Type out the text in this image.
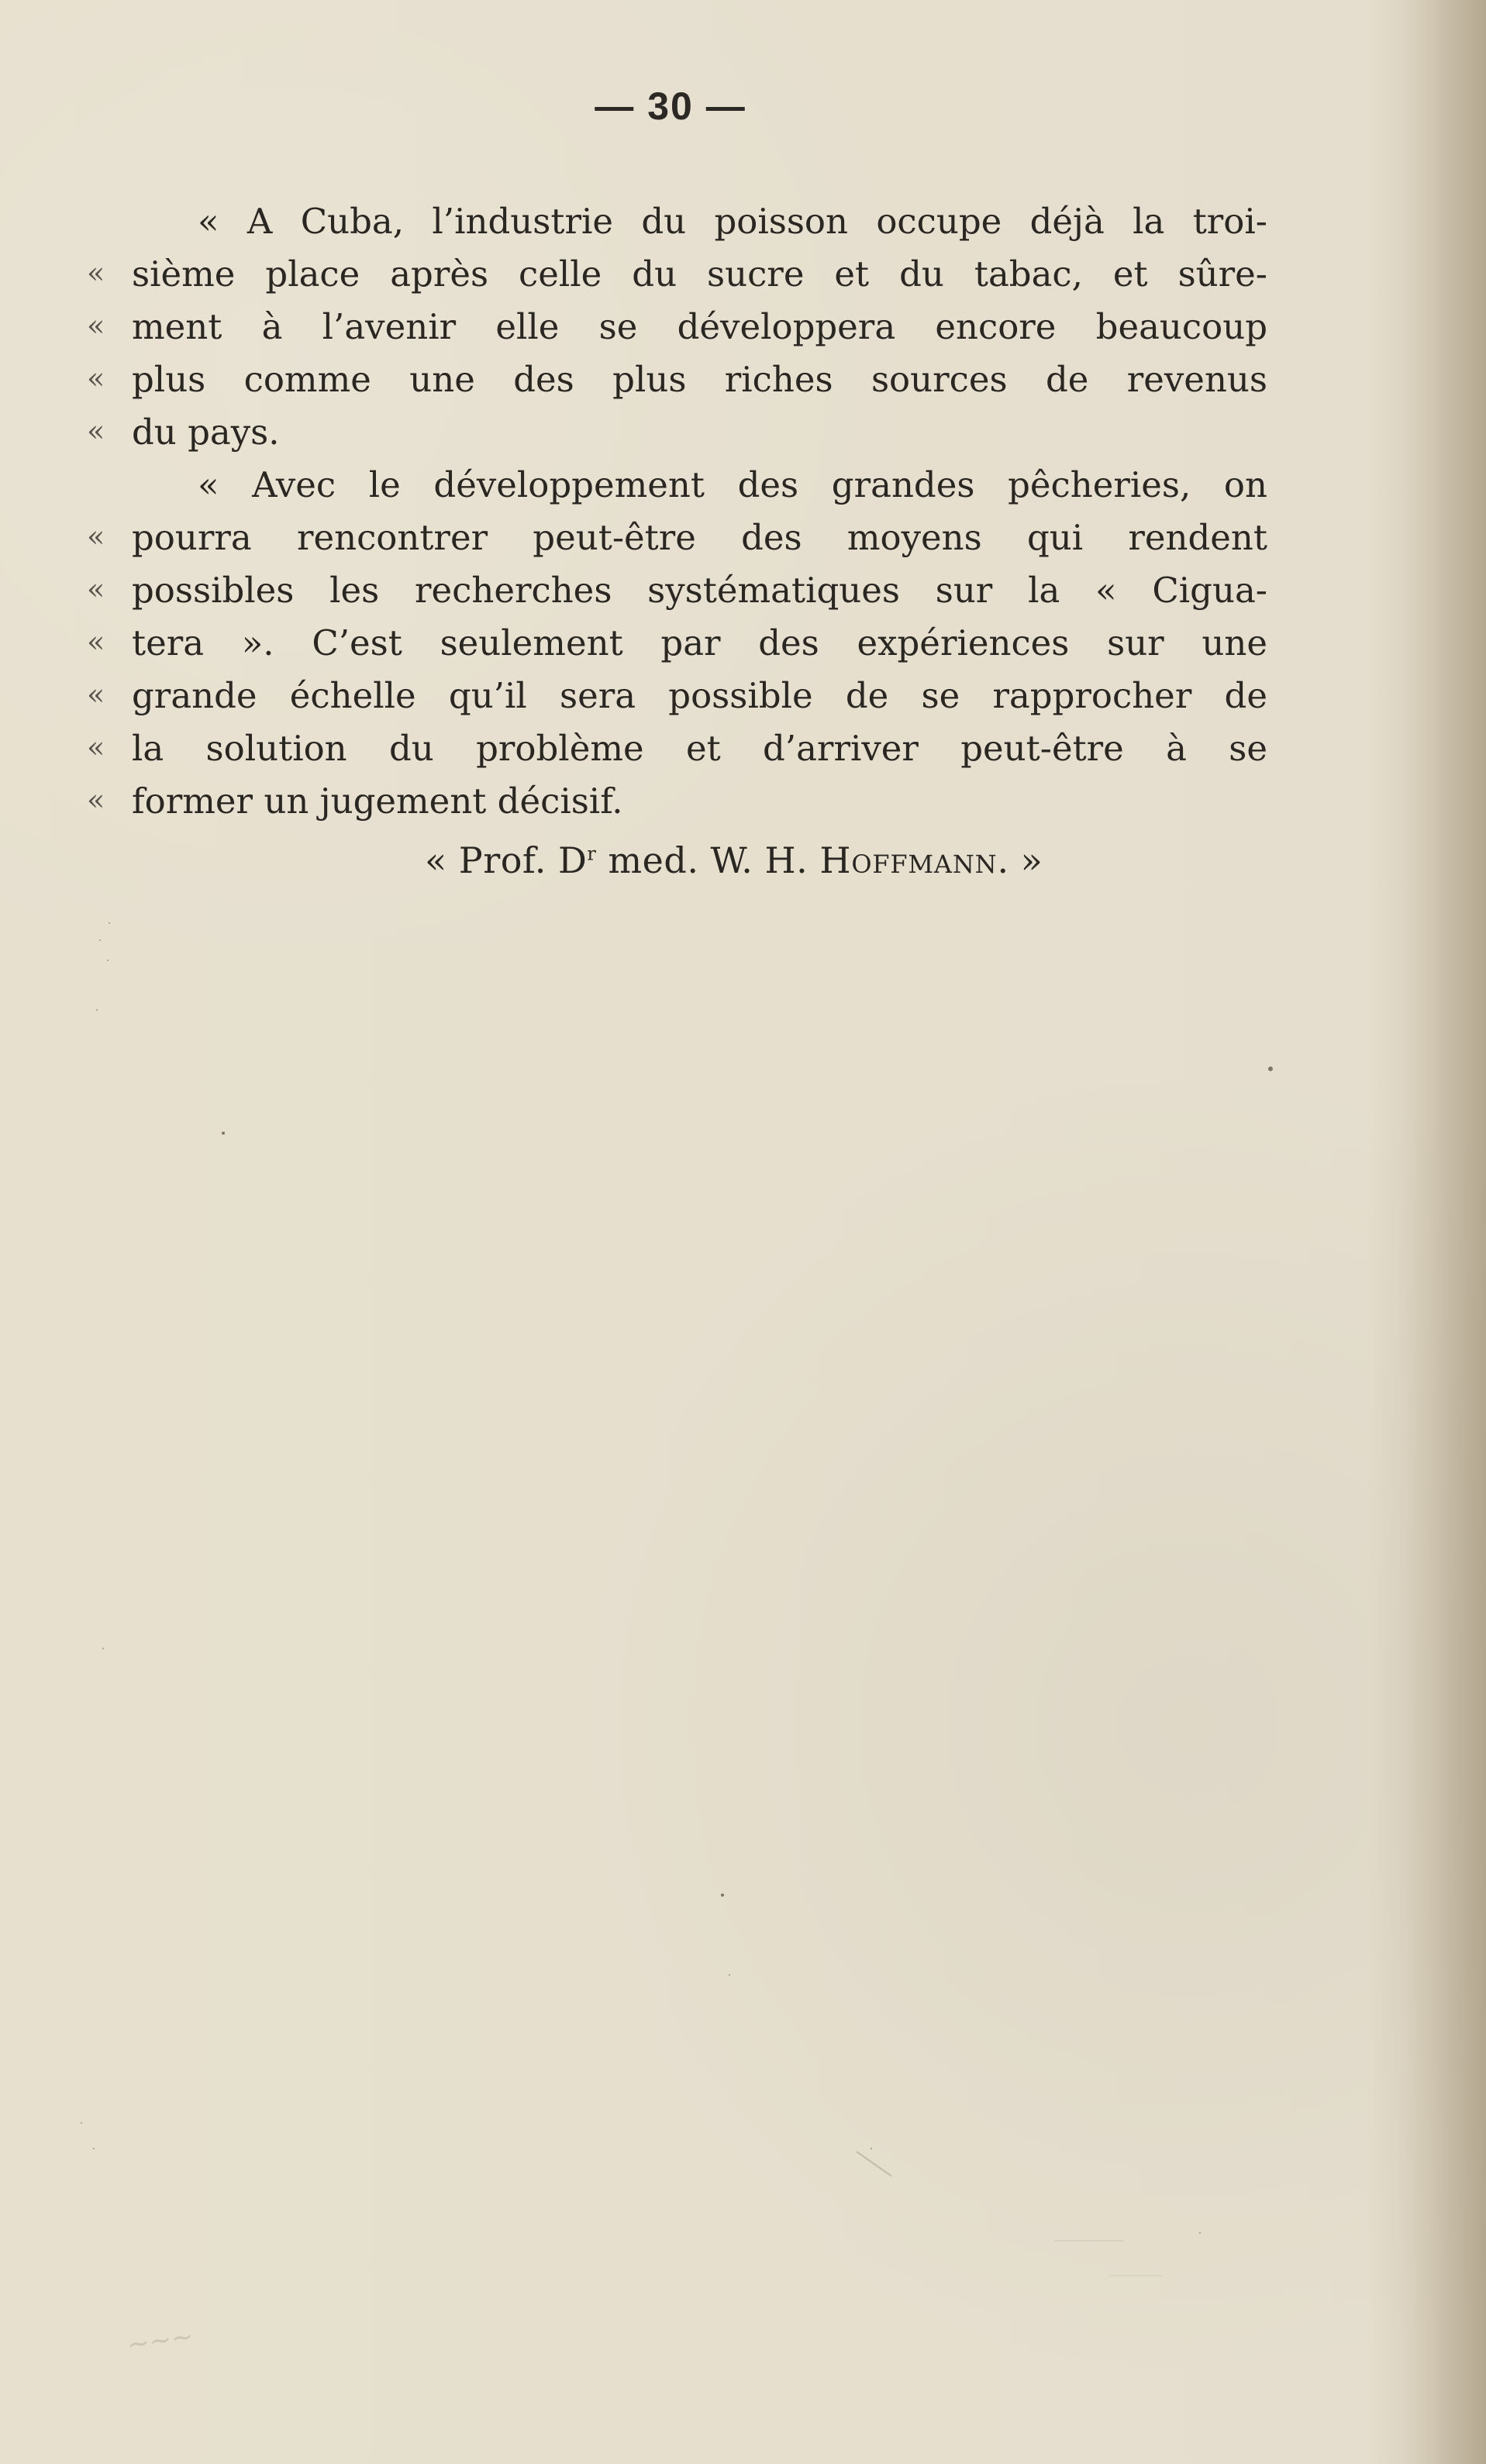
— 30 —
« A Cuba, l’industrie du poisson occupe déjà la troi-
« sième place après celle du sucre et du tabac, et sûre-
« ment à l’avenir elle se développera encore beaucoup
« plus comme une des plus riches sources de revenus
« du pays.
« Avec le développement des grandes pêcheries, on
« pourra rencontrer peut-être des moyens qui rendent
« possibles les recherches systématiques sur la « Cigua-
« tera ». C’est seulement par des expériences sur une
« grande échelle qu’il sera possible de se rapprocher de
« la solution du problème et d’arriver peut-être à se
« former un jugement décisif.
« Prof. $D^r$ med. W. H. Hoffmann. »
~~~
